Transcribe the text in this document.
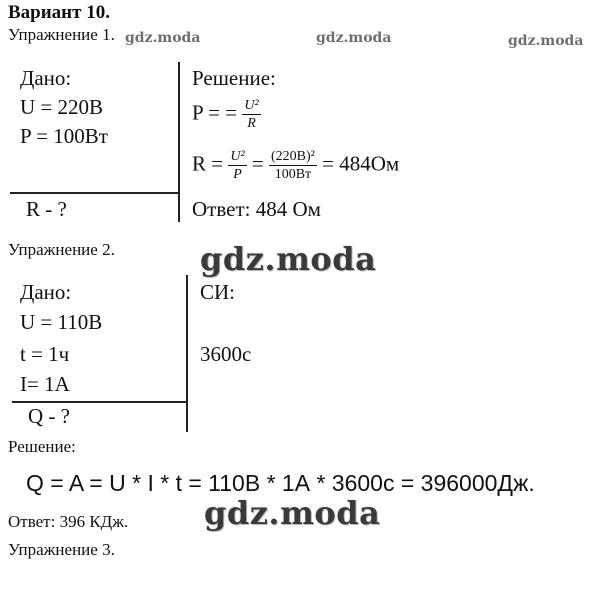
Вариант 10.
Упражнение 1. gdz.moda	gdz.moda	gdz.moda
Дано:
U = 220В
P = 100Вт
R - ?
Решение:
P = = $\frac{\text{U²}}{R}$
$R = \frac{\text{U²}}{P} = \frac{\text{(220В)²}}{100Вт} = 484Ом$
Ответ: 484 Ом
Упражнение 2.	gdz.moda
Дано:
U = 110В
t = 1ч
I= 1А
Q - ?
СИ:
3600с
Решение:
Q = A = U * I * t = 110В * 1А * 3600с = 396000Дж.
gdz.moda
Ответ: 396 КДж.
Упражнение 3.
